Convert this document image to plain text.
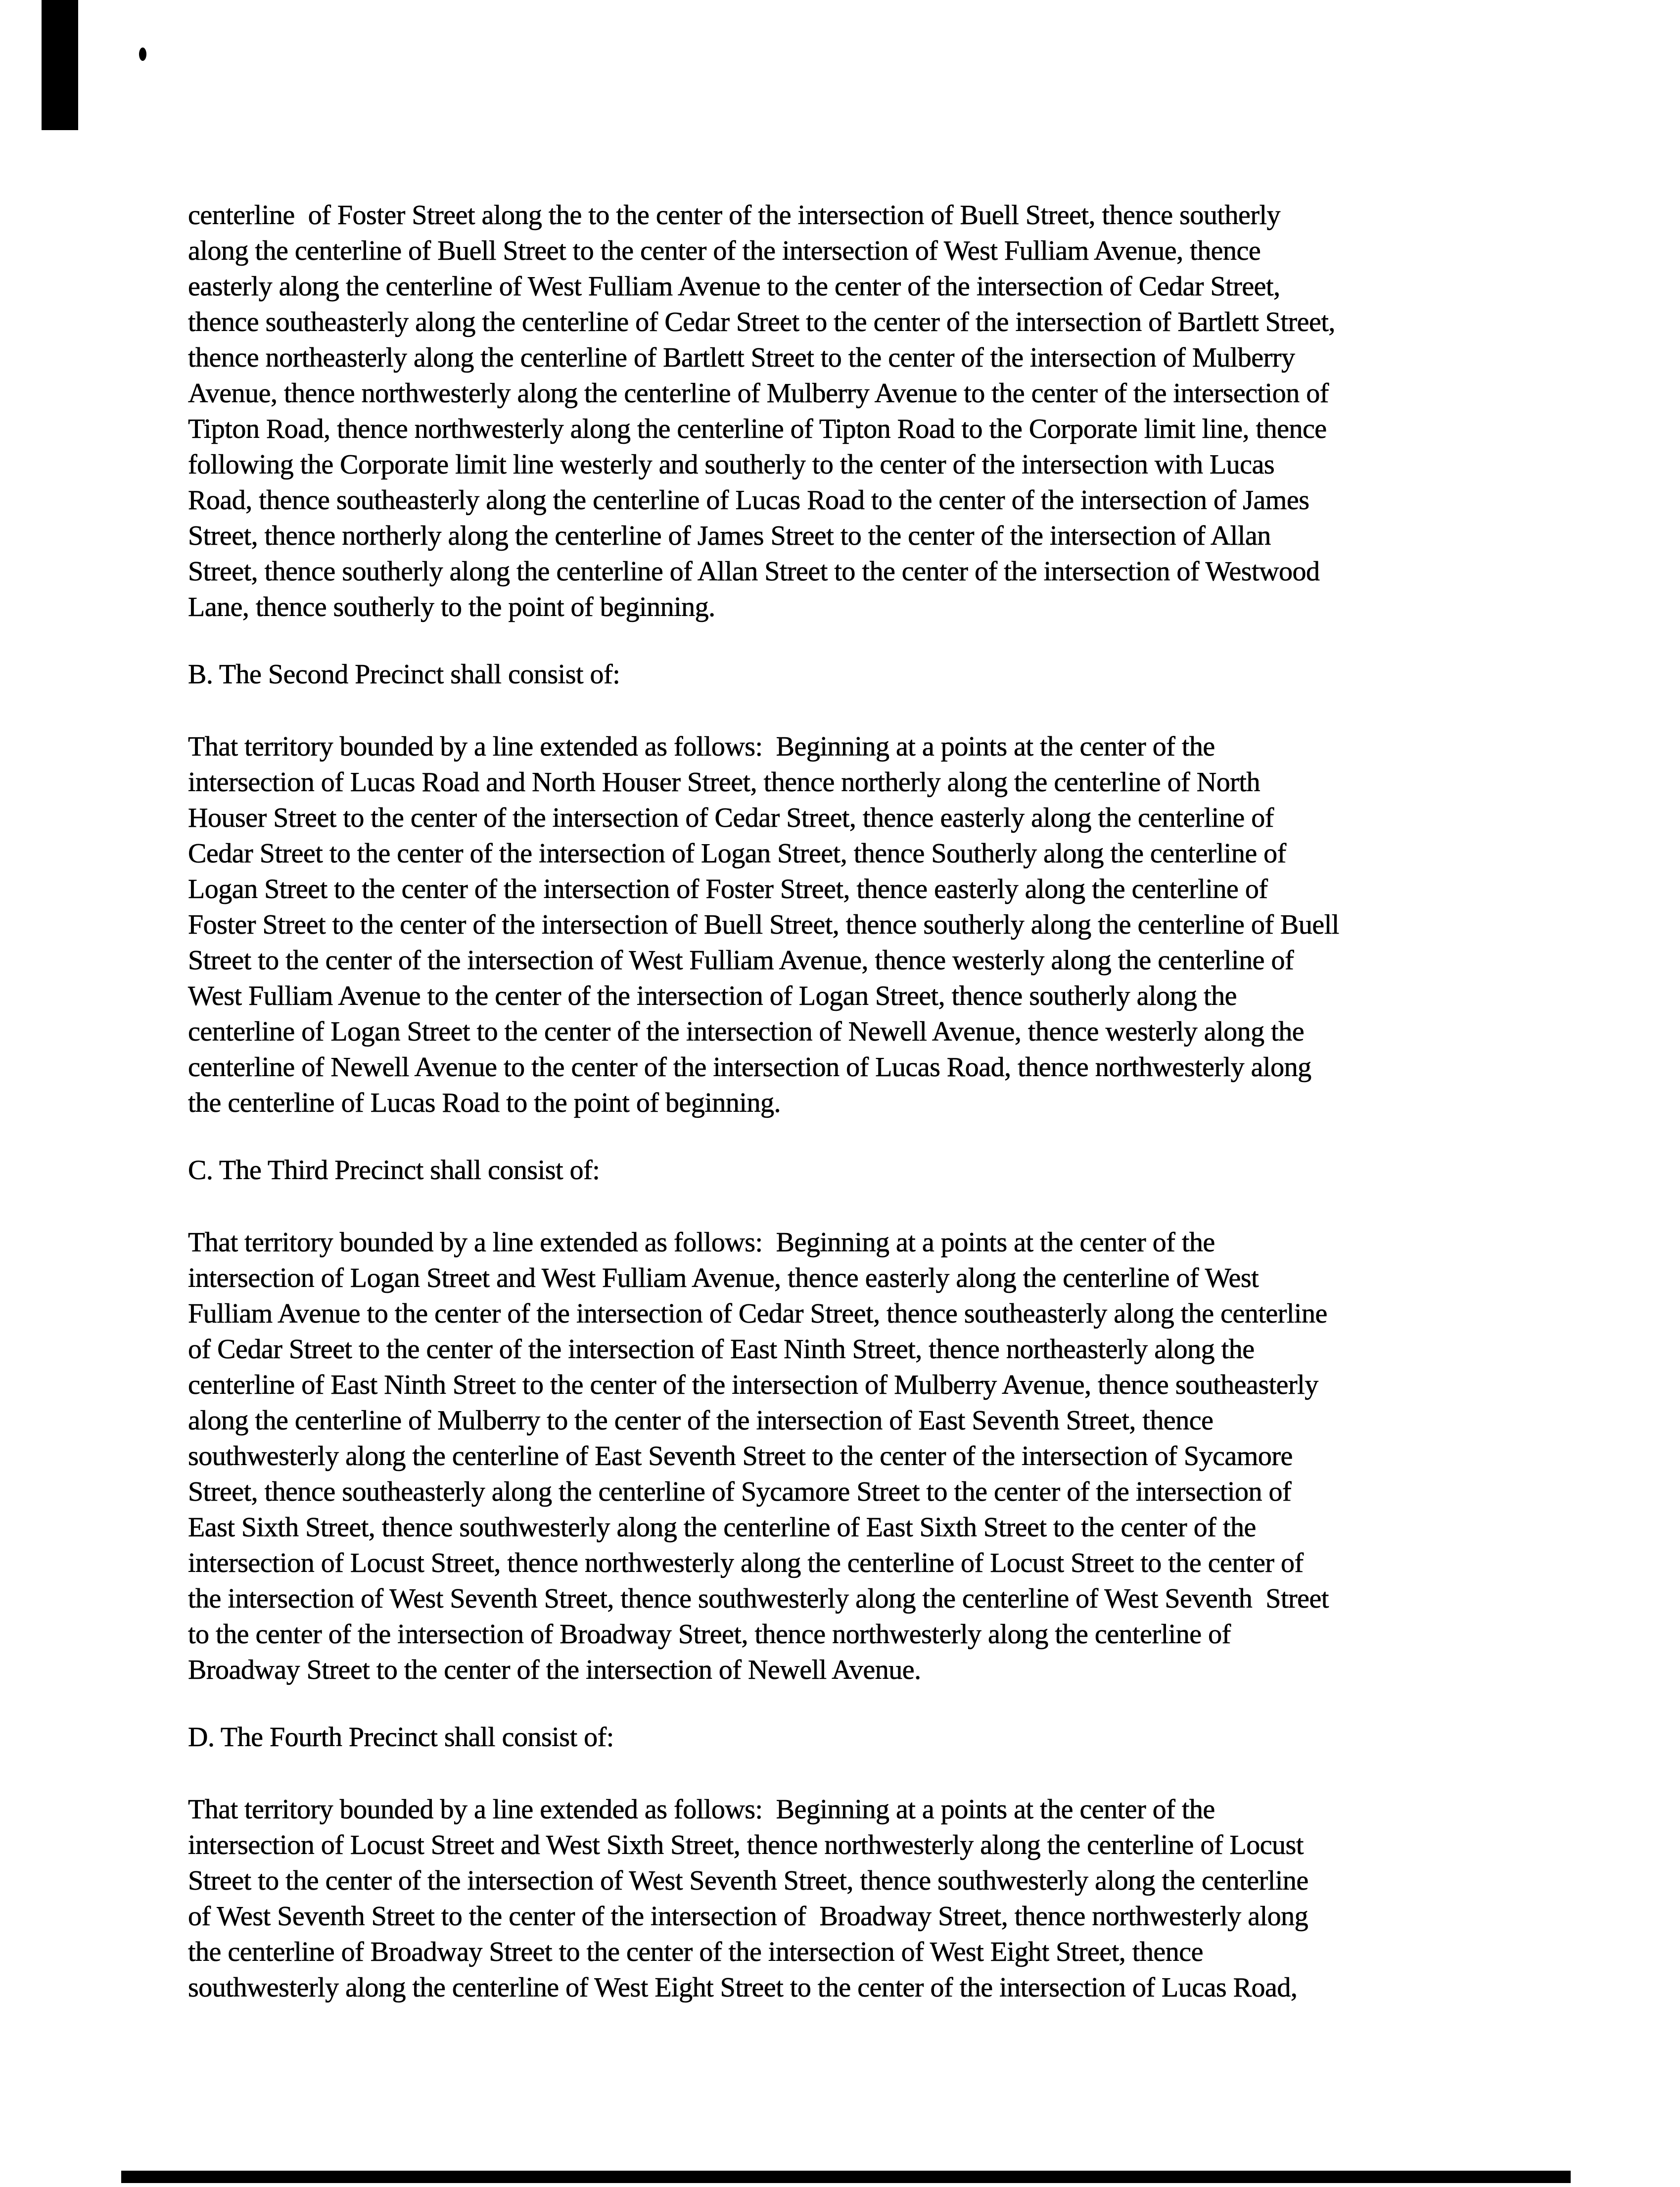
centerline  of Foster Street along the to the center of the intersection of Buell Street, thence southerly
along the centerline of Buell Street to the center of the intersection of West Fulliam Avenue, thence
easterly along the centerline of West Fulliam Avenue to the center of the intersection of Cedar Street,
thence southeasterly along the centerline of Cedar Street to the center of the intersection of Bartlett Street,
thence northeasterly along the centerline of Bartlett Street to the center of the intersection of Mulberry
Avenue, thence northwesterly along the centerline of Mulberry Avenue to the center of the intersection of
Tipton Road, thence northwesterly along the centerline of Tipton Road to the Corporate limit line, thence
following the Corporate limit line westerly and southerly to the center of the intersection with Lucas
Road, thence southeasterly along the centerline of Lucas Road to the center of the intersection of James
Street, thence northerly along the centerline of James Street to the center of the intersection of Allan
Street, thence southerly along the centerline of Allan Street to the center of the intersection of Westwood
Lane, thence southerly to the point of beginning.
B. The Second Precinct shall consist of:
That territory bounded by a line extended as follows:  Beginning at a points at the center of the
intersection of Lucas Road and North Houser Street, thence northerly along the centerline of North
Houser Street to the center of the intersection of Cedar Street, thence easterly along the centerline of
Cedar Street to the center of the intersection of Logan Street, thence Southerly along the centerline of
Logan Street to the center of the intersection of Foster Street, thence easterly along the centerline of
Foster Street to the center of the intersection of Buell Street, thence southerly along the centerline of Buell
Street to the center of the intersection of West Fulliam Avenue, thence westerly along the centerline of
West Fulliam Avenue to the center of the intersection of Logan Street, thence southerly along the
centerline of Logan Street to the center of the intersection of Newell Avenue, thence westerly along the
centerline of Newell Avenue to the center of the intersection of Lucas Road, thence northwesterly along
the centerline of Lucas Road to the point of beginning.
C. The Third Precinct shall consist of:
That territory bounded by a line extended as follows:  Beginning at a points at the center of the
intersection of Logan Street and West Fulliam Avenue, thence easterly along the centerline of West
Fulliam Avenue to the center of the intersection of Cedar Street, thence southeasterly along the centerline
of Cedar Street to the center of the intersection of East Ninth Street, thence northeasterly along the
centerline of East Ninth Street to the center of the intersection of Mulberry Avenue, thence southeasterly
along the centerline of Mulberry to the center of the intersection of East Seventh Street, thence
southwesterly along the centerline of East Seventh Street to the center of the intersection of Sycamore
Street, thence southeasterly along the centerline of Sycamore Street to the center of the intersection of
East Sixth Street, thence southwesterly along the centerline of East Sixth Street to the center of the
intersection of Locust Street, thence northwesterly along the centerline of Locust Street to the center of
the intersection of West Seventh Street, thence southwesterly along the centerline of West Seventh  Street
to the center of the intersection of Broadway Street, thence northwesterly along the centerline of
Broadway Street to the center of the intersection of Newell Avenue.
D. The Fourth Precinct shall consist of:
That territory bounded by a line extended as follows:  Beginning at a points at the center of the
intersection of Locust Street and West Sixth Street, thence northwesterly along the centerline of Locust
Street to the center of the intersection of West Seventh Street, thence southwesterly along the centerline
of West Seventh Street to the center of the intersection of  Broadway Street, thence northwesterly along
the centerline of Broadway Street to the center of the intersection of West Eight Street, thence
southwesterly along the centerline of West Eight Street to the center of the intersection of Lucas Road,
